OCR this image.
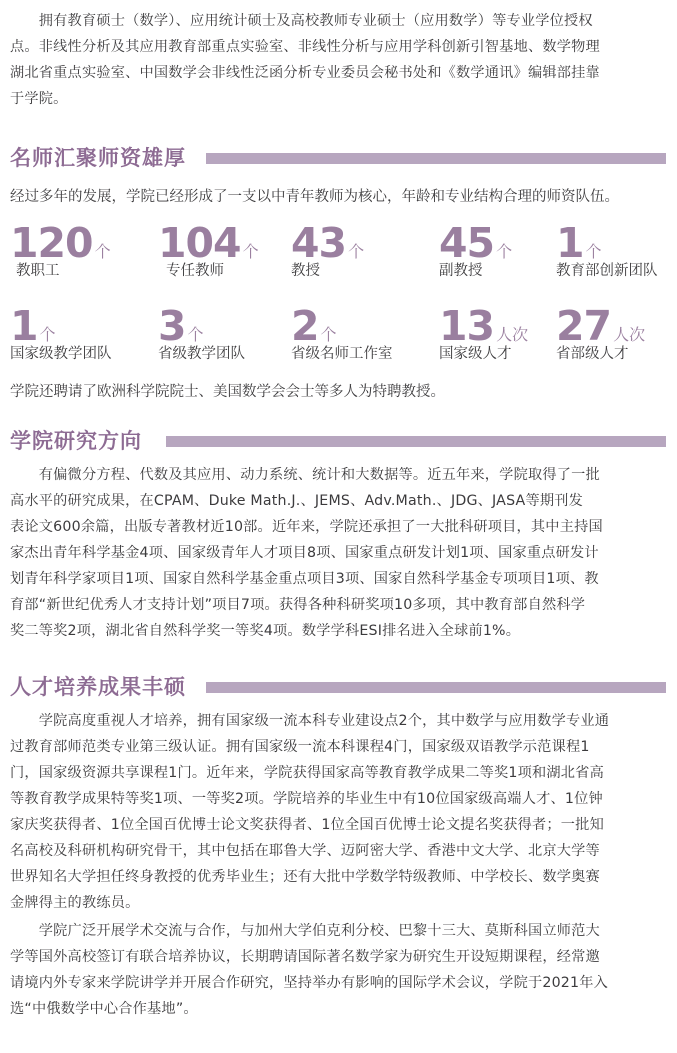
　　拥有教育硕士（数学）、应用统计硕士及高校教师专业硕士（应用数学）等专业学位授权
点。非线性分析及其应用教育部重点实验室、非线性分析与应用学科创新引智基地、数学物理
湖北省重点实验室、中国数学会非线性泛函分析专业委员会秘书处和《数学通讯》编辑部挂靠
于学院。
名师汇聚师资雄厚
经过多年的发展，学院已经形成了一支以中青年教师为核心，年龄和专业结构合理的师资队伍。
120 个
教职工
104 个
专任教师
43 个
教授
45 个
副教授
1 个
教育部创新团队
1 个
国家级教学团队
3 个
省级教学团队
2 个
省级名师工作室
13 人次
国家级人才
27 人次
省部级人才
学院还聘请了欧洲科学院院士、美国数学会会士等多人为特聘教授。
学院研究方向
　　有偏微分方程、代数及其应用、动力系统、统计和大数据等。近五年来，学院取得了一批
高水平的研究成果，在CPAM、Duke Math.J.、JEMS、Adv.Math.、JDG、JASA等期刊发
表论文600余篇，出版专著教材近10部。近年来，学院还承担了一大批科研项目，其中主持国
家杰出青年科学基金4项、国家级青年人才项目8项、国家重点研发计划1项、国家重点研发计
划青年科学家项目1项、国家自然科学基金重点项目3项、国家自然科学基金专项项目1项、教
育部“新世纪优秀人才支持计划”项目7项。获得各种科研奖项10多项，其中教育部自然科学
奖二等奖2项，湖北省自然科学奖一等奖4项。数学学科ESI排名进入全球前1%。
人才培养成果丰硕
　　学院高度重视人才培养，拥有国家级一流本科专业建设点2个，其中数学与应用数学专业通
过教育部师范类专业第三级认证。拥有国家级一流本科课程4门，国家级双语教学示范课程1
门，国家级资源共享课程1门。近年来，学院获得国家高等教育教学成果二等奖1项和湖北省高
等教育教学成果特等奖1项、一等奖2项。学院培养的毕业生中有10位国家级高端人才、1位钟
家庆奖获得者、1位全国百优博士论文奖获得者、1位全国百优博士论文提名奖获得者；一批知
名高校及科研机构研究骨干，其中包括在耶鲁大学、迈阿密大学、香港中文大学、北京大学等
世界知名大学担任终身教授的优秀毕业生；还有大批中学数学特级教师、中学校长、数学奥赛
金牌得主的教练员。
　　学院广泛开展学术交流与合作，与加州大学伯克利分校、巴黎十三大、莫斯科国立师范大
学等国外高校签订有联合培养协议，长期聘请国际著名数学家为研究生开设短期课程，经常邀
请境内外专家来学院讲学并开展合作研究，坚持举办有影响的国际学术会议，学院于2021年入
选“中俄数学中心合作基地”。
